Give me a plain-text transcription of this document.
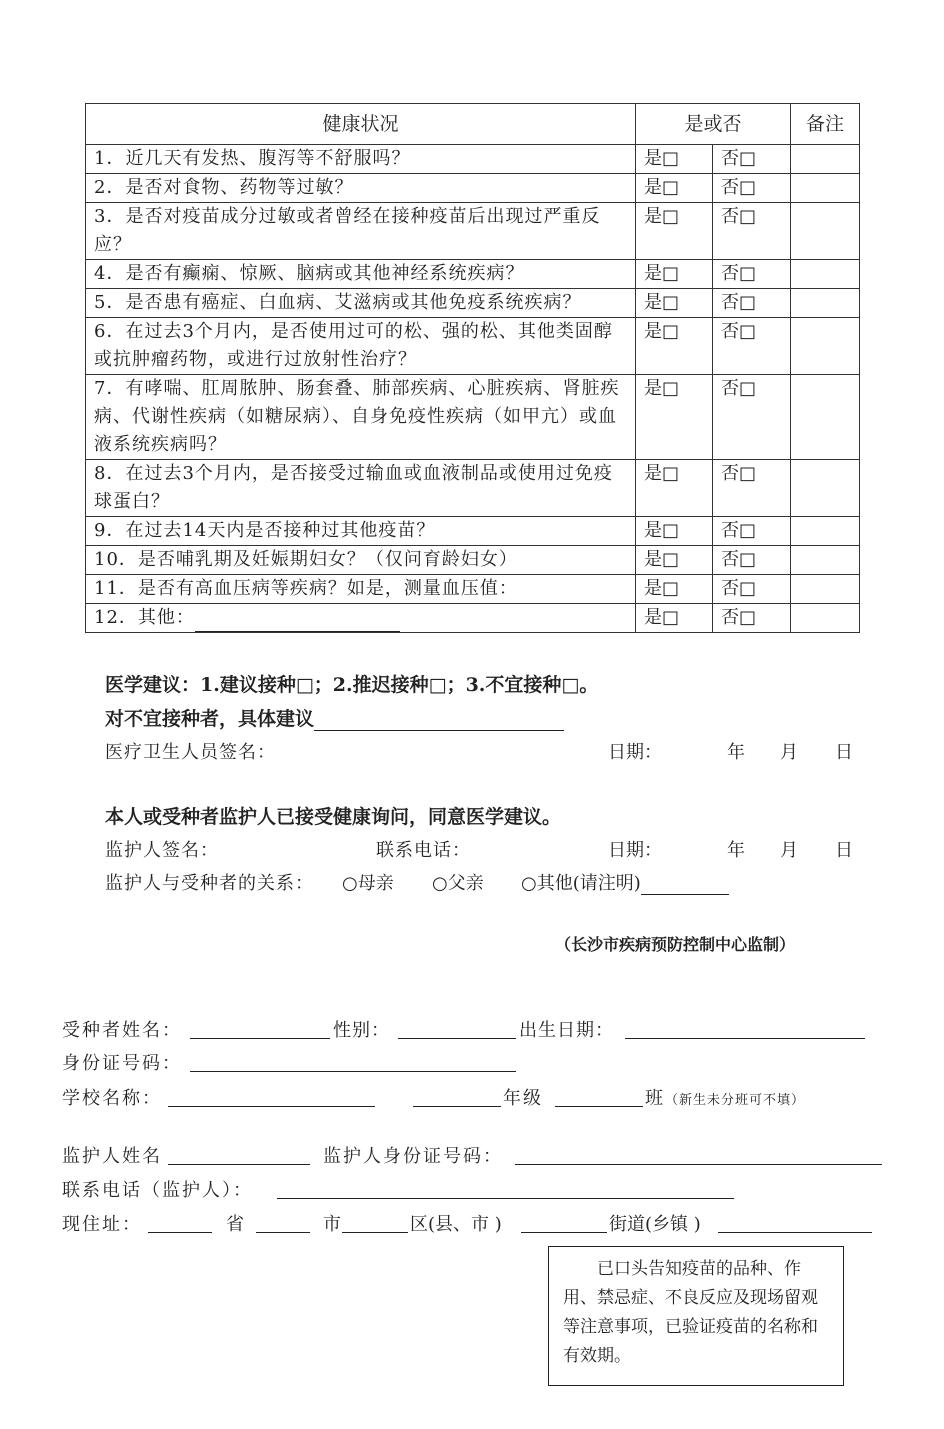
健康状况	是或否		备注
1．近几天有发热、腹泻等不舒服吗？	是□	否□	
2．是否对食物、药物等过敏？	是□	否□	
3．是否对疫苗成分过敏或者曾经在接种疫苗后出现过严重反应？	是□	否□	
4．是否有癫痫、惊厥、脑病或其他神经系统疾病？	是□	否□	
5．是否患有癌症、白血病、艾滋病或其他免疫系统疾病？	是□	否□	
6．在过去3个月内，是否使用过可的松、强的松、其他类固醇或抗肿瘤药物，或进行过放射性治疗？	是□	否□	
7．有哮喘、肛周脓肿、肠套叠、肺部疾病、心脏疾病、肾脏疾病、代谢性疾病（如糖尿病）、自身免疫性疾病（如甲亢）或血液系统疾病吗？	是□	否□	
8．在过去3个月内，是否接受过输血或血液制品或使用过免疫球蛋白？	是□	否□	
9．在过去14天内是否接种过其他疫苗？	是□	否□	
10．是否哺乳期及妊娠期妇女？（仅问育龄妇女）	是□	否□	
11．是否有高血压病等疾病？如是，测量血压值：	是□	否□	
12．其他：	是□	否□	
医学建议：1.建议接种□；2.推迟接种□；3.不宜接种□。
对不宜接种者，具体建议
医疗卫生人员签名：	日期：	年 月 日
本人或受种者监护人已接受健康询问，同意医学建议。
监护人签名：	联系电话：	日期：	年 月 日
监护人与受种者的关系： ○母亲 ○父亲 ○其他(请注明)
（长沙市疾病预防控制中心监制）
受种者姓名：	性别：	出生日期：
身份证号码：
学校名称：	年级	班 （新生未分班可不填）
监护人姓名	监护人身份证号码：
联系电话（监护人）：
现住址：	省	市	区(县、市 )	街道(乡镇 )
已口头告知疫苗的品种、作用、禁忌症、不良反应及现场留观等注意事项，已验证疫苗的名称和有效期。
